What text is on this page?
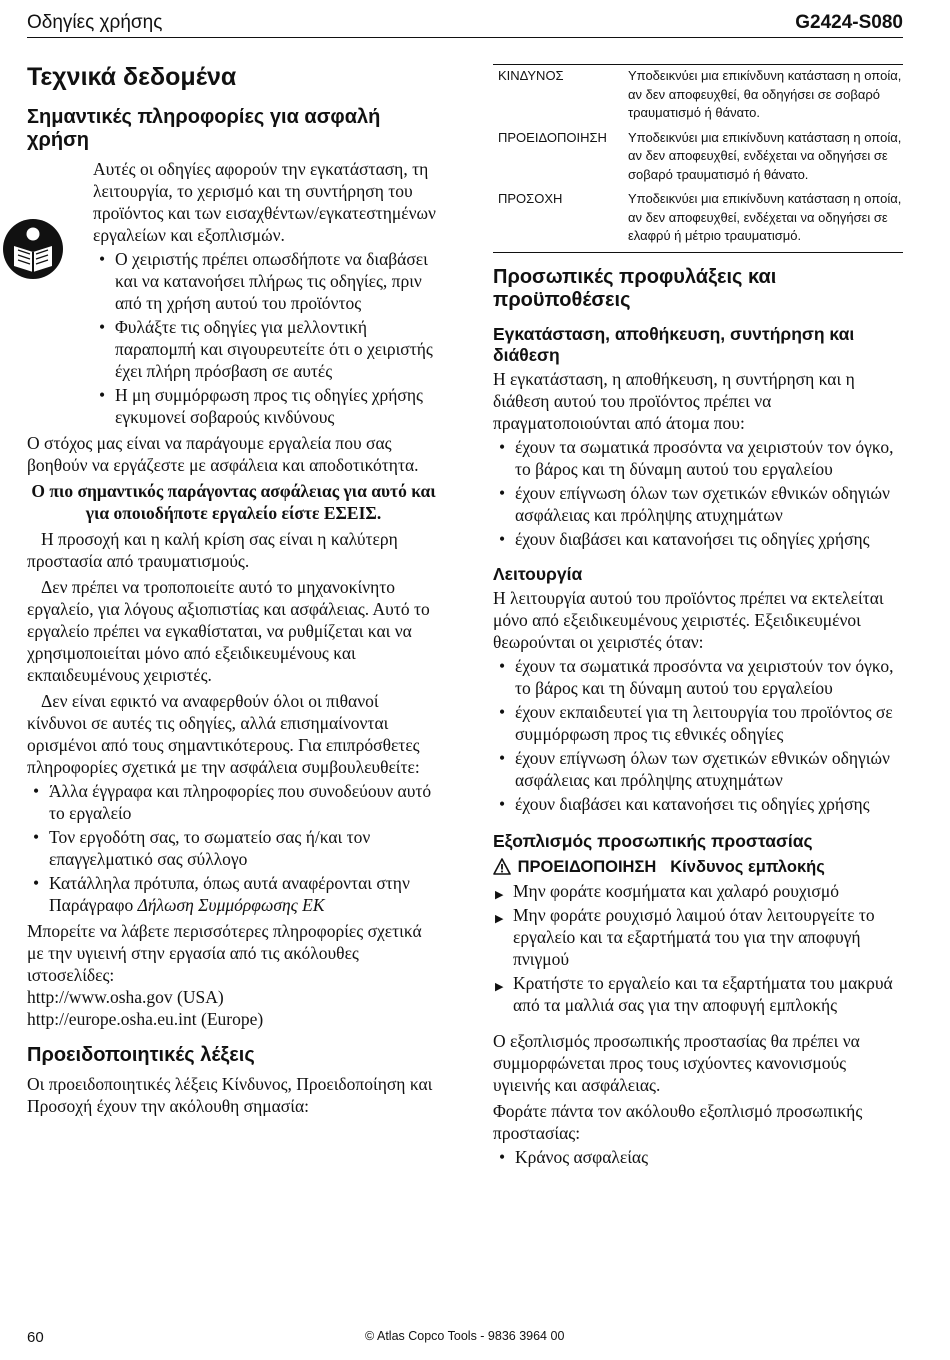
Οδηγίες χρήσης	G2424-S080
Τεχνικά δεδομένα
Σημαντικές πληροφορίες για ασφαλή χρήση

Αυτές οι οδηγίες αφορούν την εγκατάσταση, τη λειτουργία, το χερισμό και τη συντήρηση του προϊόντος και των εισαχθέντων/εγκατεστημένων εργαλείων και εξοπλισμών.

• Ο χειριστής πρέπει οπωσδήποτε να διαβάσει και να κατανοήσει πλήρως τις οδηγίες, πριν από τη χρήση αυτού του προϊόντος
• Φυλάξτε τις οδηγίες για μελλοντική παραπομπή και σιγουρευτείτε ότι ο χειριστής έχει πλήρη πρόσβαση σε αυτές
• Η μη συμμόρφωση προς τις οδηγίες χρήσης εγκυμονεί σοβαρούς κινδύνους

Ο στόχος μας είναι να παράγουμε εργαλεία που σας βοηθούν να εργάζεστε με ασφάλεια και αποδοτικότητα.

Ο πιο σημαντικός παράγοντας ασφάλειας για αυτό και για οποιοδήποτε εργαλείο είστε ΕΣΕΙΣ.

Η προσοχή και η καλή κρίση σας είναι η καλύτερη προστασία από τραυματισμούς.

Δεν πρέπει να τροποποιείτε αυτό το μηχανοκίνητο εργαλείο, για λόγους αξιοπιστίας και ασφάλειας. Αυτό το εργαλείο πρέπει να εγκαθίσταται, να ρυθμίζεται και να χρησιμοποιείται μόνο από εξειδικευμένους και εκπαιδευμένους χειριστές.

Δεν είναι εφικτό να αναφερθούν όλοι οι πιθανοί κίνδυνοι σε αυτές τις οδηγίες, αλλά επισημαίνονται ορισμένοι από τους σημαντικότερους. Για επιπρόσθετες πληροφορίες σχετικά με την ασφάλεια συμβουλευθείτε:

• Άλλα έγγραφα και πληροφορίες που συνοδεύουν αυτό το εργαλείο
• Τον εργοδότη σας, το σωματείο σας ή/και τον επαγγελματικό σας σύλλογο
• Κατάλληλα πρότυπα, όπως αυτά αναφέρονται στην Παράγραφο Δήλωση Συμμόρφωσης ΕΚ

Μπορείτε να λάβετε περισσότερες πληροφορίες σχετικά με την υγιεινή στην εργασία από τις ακόλουθες ιστοσελίδες:

http://www.osha.gov (USA)

http://europe.osha.eu.int (Europe)

Προειδοποιητικές λέξεις

Οι προειδοποιητικές λέξεις Κίνδυνος, Προειδοποίηση και Προσοχή έχουν την ακόλουθη σημασία:

ΚΙΝΔΥΝΟΣ	Υποδεικνύει μια επικίνδυνη κατάσταση η οποία, αν δεν αποφευχθεί, θα οδηγήσει σε σοβαρό τραυματισμό ή θάνατο.
ΠΡΟΕΙΔΟΠΟΙΗΣΗ	Υποδεικνύει μια επικίνδυνη κατάσταση η οποία, αν δεν αποφευχθεί, ενδέχεται να οδηγήσει σε σοβαρό τραυματισμό ή θάνατο.
ΠΡΟΣΟΧΗ	Υποδεικνύει μια επικίνδυνη κατάσταση η οποία, αν δεν αποφευχθεί, ενδέχεται να οδηγήσει σε ελαφρύ ή μέτριο τραυματισμό.
Προσωπικές προφυλάξεις και προϋποθέσεις
Εγκατάσταση, αποθήκευση, συντήρηση και διάθεση

Η εγκατάσταση, η αποθήκευση, η συντήρηση και η διάθεση αυτού του προϊόντος πρέπει να πραγματοποιούνται από άτομα που:

• έχουν τα σωματικά προσόντα να χειριστούν τον όγκο, το βάρος και τη δύναμη αυτού του εργαλείου
• έχουν επίγνωση όλων των σχετικών εθνικών οδηγιών ασφάλειας και πρόληψης ατυχημάτων
• έχουν διαβάσει και κατανοήσει τις οδηγίες χρήσης
Λειτουργία

Η λειτουργία αυτού του προϊόντος πρέπει να εκτελείται μόνο από εξειδικευμένους χειριστές. Εξειδικευμένοι θεωρούνται οι χειριστές όταν:

• έχουν τα σωματικά προσόντα να χειριστούν τον όγκο, το βάρος και τη δύναμη αυτού του εργαλείου
• έχουν εκπαιδευτεί για τη λειτουργία του προϊόντος σε συμμόρφωση προς τις εθνικές οδηγίες
• έχουν επίγνωση όλων των σχετικών εθνικών οδηγιών ασφάλειας και πρόληψης ατυχημάτων
• έχουν διαβάσει και κατανοήσει τις οδηγίες χρήσης
Εξοπλισμός προσωπικής προστασίας
ΠΡΟΕΙΔΟΠΟΙΗΣΗ Κίνδυνος εμπλοκής
▶ Μην φοράτε κοσμήματα και χαλαρό ρουχισμό
▶ Μην φοράτε ρουχισμό λαιμού όταν λειτουργείτε το εργαλείο και τα εξαρτήματά του για την αποφυγή πνιγμού
▶ Κρατήστε το εργαλείο και τα εξαρτήματα του μακρυά από τα μαλλιά σας για την αποφυγή εμπλοκής

Ο εξοπλισμός προσωπικής προστασίας θα πρέπει να συμμορφώνεται προς τους ισχύοντες κανονισμούς υγιεινής και ασφάλειας.

Φοράτε πάντα τον ακόλουθο εξοπλισμό προσωπικής προστασίας:

• Κράνος ασφαλείας
60	© Atlas Copco Tools - 9836 3964 00
